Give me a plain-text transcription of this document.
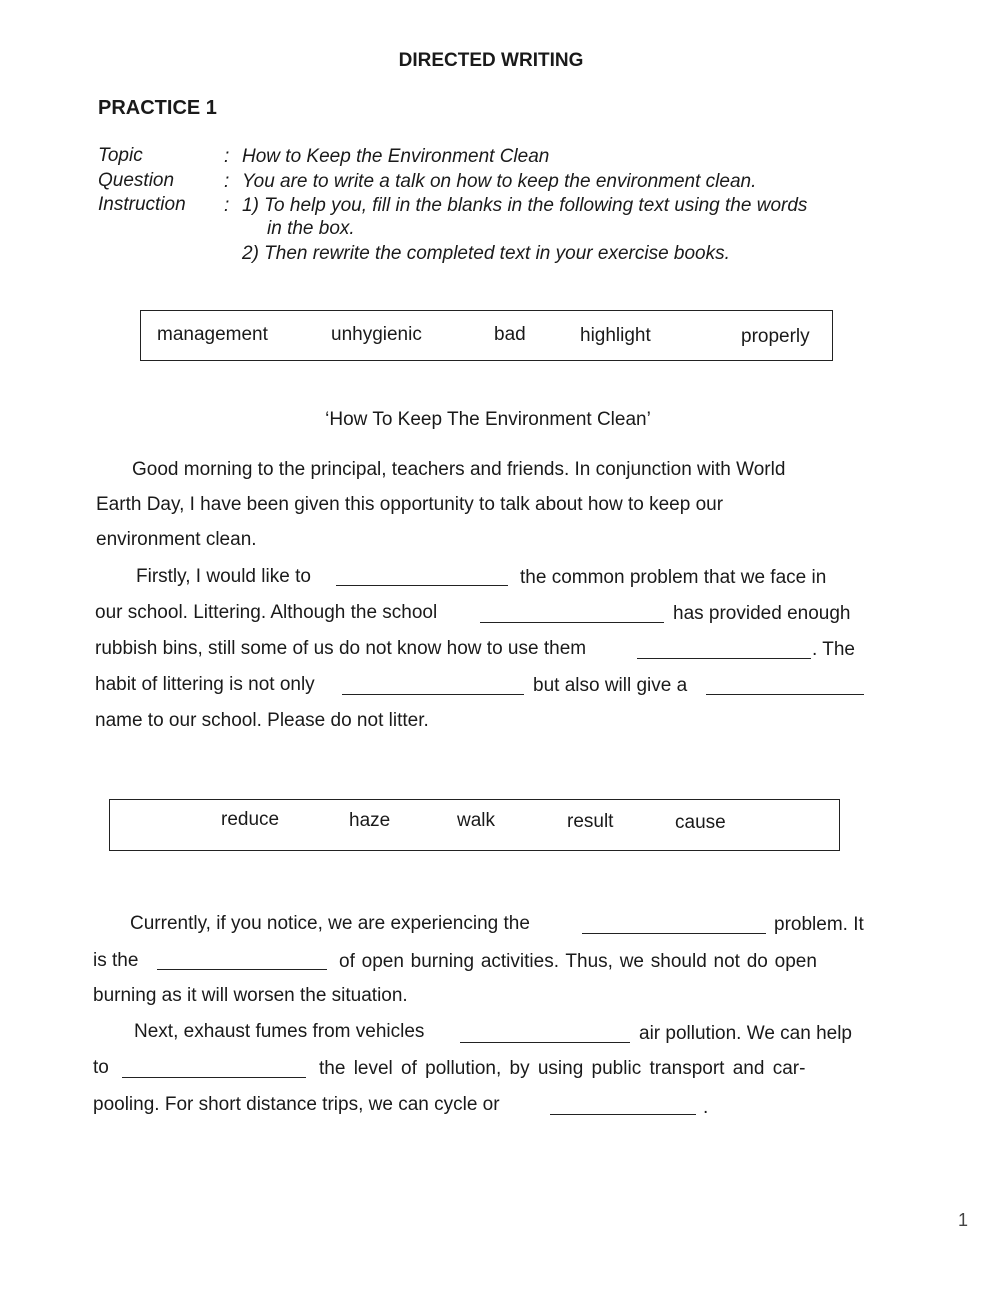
DIRECTED WRITING
PRACTICE 1
Topic	: How to Keep the Environment Clean
Question	: You are to write a talk on how to keep the environment clean.
Instruction : 1) To help you, fill in the blanks in the following text using the words
in the box.
2) Then rewrite the completed text in your exercise books.
management	unhygienic	bad	highlight	properly
‘How To Keep The Environment Clean’
Good morning to the principal, teachers and friends. In conjunction with World
Earth Day, I have been given this opportunity to talk about how to keep our
environment clean.
Firstly, I would like to	the common problem that we face in
our school. Littering. Although the school	has provided enough
rubbish bins, still some of us do not know how to use them	. The
habit of littering is not only	but also will give a
name to our school. Please do not litter.
reduce	haze	walk	result	cause
Currently, if you notice, we are experiencing the	problem. It
is the	of open burning activities. Thus, we should not do open
burning as it will worsen the situation.
Next, exhaust fumes from vehicles	air pollution. We can help
to	the level of pollution, by using public transport and car-
pooling. For short distance trips, we can cycle or	.
1
